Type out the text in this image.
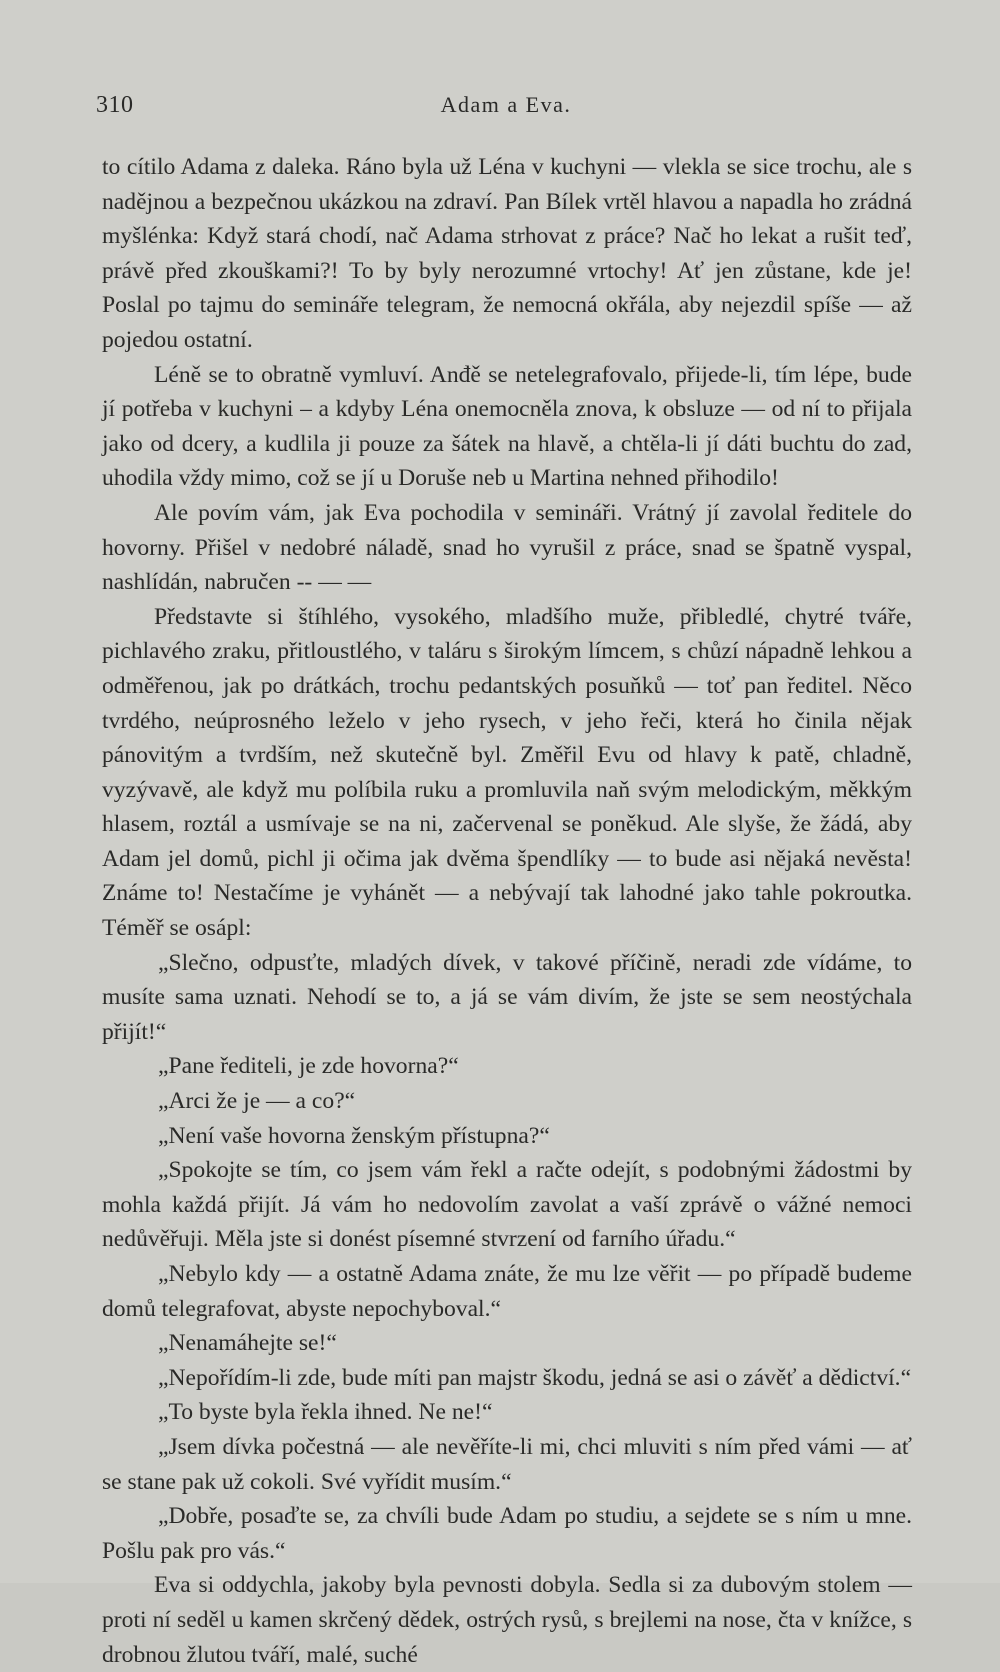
310	Adam a Eva.

to cítilo Adama z daleka. Ráno byla už Léna v kuchyni — vlekla se sice trochu, ale s nadějnou a bezpečnou ukázkou na zdraví. Pan Bílek vrtěl hlavou a napadla ho zrádná myšlénka: Když stará chodí, nač Adama strhovat z práce? Nač ho lekat a rušit teď, právě před zkouškami?! To by byly nerozumné vrtochy! Ať jen zůstane, kde je! Poslal po tajmu do semináře telegram, že nemocná okřála, aby nejezdil spíše — až pojedou ostatní.

Léně se to obratně vymluví. Anđě se netelegrafovalo, přijede-li, tím lépe, bude jí potřeba v kuchyni – a kdyby Léna onemocněla znova, k obsluze — od ní to přijala jako od dcery, a kudlila ji pouze za šátek na hlavě, a chtěla-li jí dáti buchtu do zad, uhodila vždy mimo, což se jí u Doruše neb u Martina nehned přihodilo!

Ale povím vám, jak Eva pochodila v semináři. Vrátný jí zavolal ředitele do hovorny. Přišel v nedobré náladě, snad ho vyrušil z práce, snad se špatně vyspal, nashlídán, nabručen -- — —

Představte si štíhlého, vysokého, mladšího muže, přibledlé, chytré tváře, pichlavého zraku, přitloustlého, v taláru s širokým límcem, s chůzí nápadně lehkou a odměřenou, jak po drátkách, trochu pedantských posuňků — toť pan ředitel. Něco tvrdého, neúprosného leželo v jeho rysech, v jeho řeči, která ho činila nějak pánovitým a tvrdším, než skutečně byl. Změřil Evu od hlavy k patě, chladně, vyzývavě, ale když mu políbila ruku a promluvila naň svým melodickým, měkkým hlasem, roztál a usmívaje se na ni, začervenal se poněkud. Ale slyše, že žádá, aby Adam jel domů, pichl ji očima jak dvěma špendlíky — to bude asi nějaká nevěsta! Známe to! Nestačíme je vyhánět — a nebývají tak lahodné jako tahle pokroutka. Téměř se osápl:

„Slečno, odpusťte, mladých dívek, v takové příčině, neradi zde vídáme, to musíte sama uznati. Nehodí se to, a já se vám divím, že jste se sem neostýchala přijít!“

„Pane řediteli, je zde hovorna?“

„Arci že je — a co?“

„Není vaše hovorna ženským přístupna?“

„Spokojte se tím, co jsem vám řekl a račte odejít, s podobnými žádostmi by mohla každá přijít. Já vám ho nedovolím zavolat a vaší zprávě o vážné nemoci nedůvěřuji. Měla jste si donést písemné stvrzení od farního úřadu.“

„Nebylo kdy — a ostatně Adama znáte, že mu lze věřit — po případě budeme domů telegrafovat, abyste nepochyboval.“

„Nenamáhejte se!“

„Nepořídím-li zde, bude míti pan majstr škodu, jedná se asi o závěť a dědictví.“

„To byste byla řekla ihned. Ne ne!“

„Jsem dívka počestná — ale nevěříte-li mi, chci mluviti s ním před vámi — ať se stane pak už cokoli. Své vyřídit musím.“

„Dobře, posaďte se, za chvíli bude Adam po studiu, a sejdete se s ním u mne. Pošlu pak pro vás.“

Eva si oddychla, jakoby byla pevnosti dobyla. Sedla si za dubovým stolem — proti ní seděl u kamen skrčený dědek, ostrých rysů, s brejlemi na nose, čta v knížce, s drobnou žlutou tváří, malé, suché
